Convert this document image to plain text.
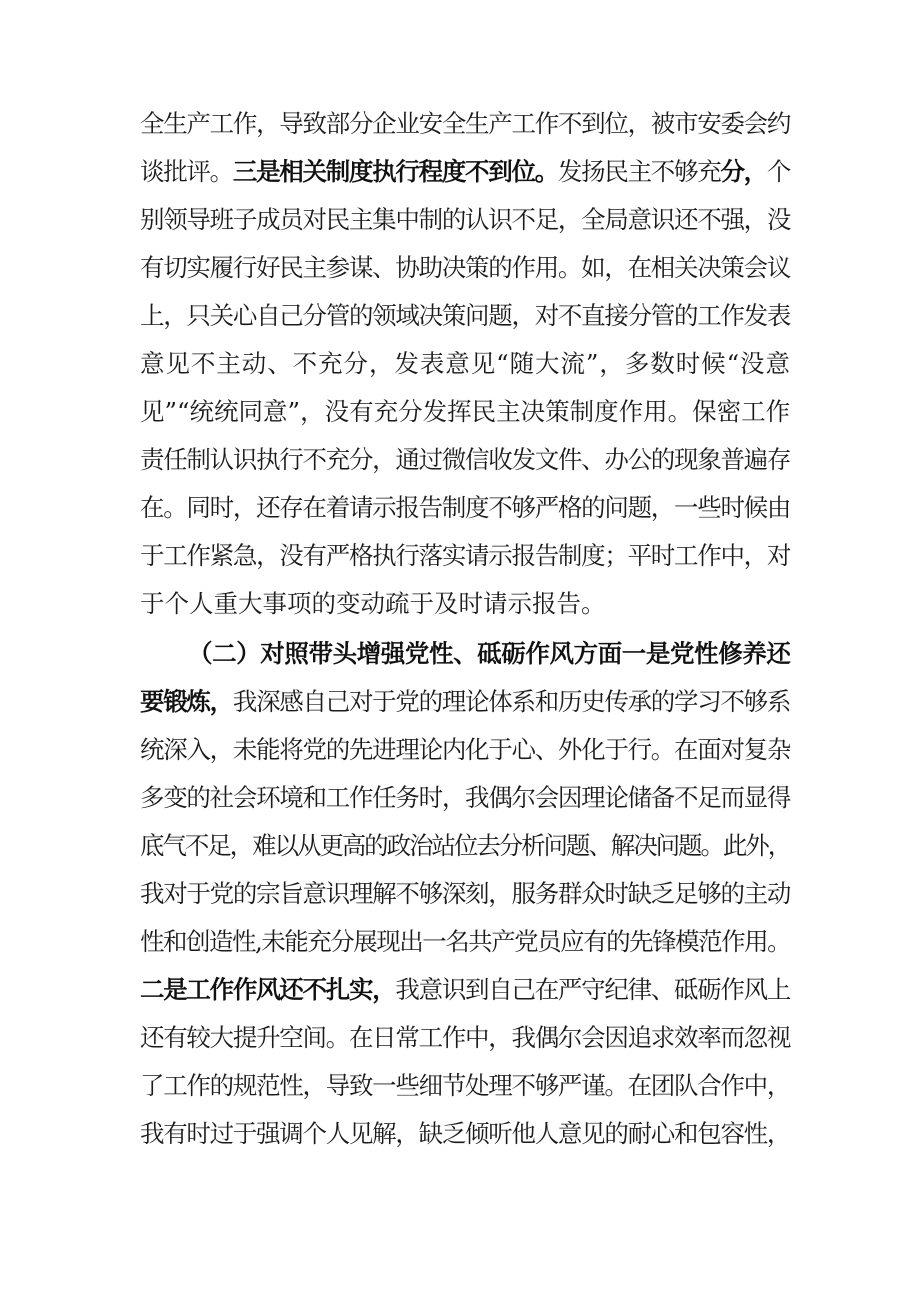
全生产工作，导致部分企业安全生产工作不到位，被市安委会约
谈批评。三是相关制度执行程度不到位。发扬民主不够充分，个
别领导班子成员对民主集中制的认识不足，全局意识还不强，没
有切实履行好民主参谋、协助决策的作用。如，在相关决策会议
上，只关心自己分管的领域决策问题，对不直接分管的工作发表
意见不主动、不充分，发表意见“随大流”，多数时候“没意
见”“统统同意”，没有充分发挥民主决策制度作用。保密工作
责任制认识执行不充分，通过微信收发文件、办公的现象普遍存
在。同时，还存在着请示报告制度不够严格的问题，一些时候由
于工作紧急，没有严格执行落实请示报告制度；平时工作中，对
于个人重大事项的变动疏于及时请示报告。
（二）对照带头增强党性、砥砺作风方面一是党性修养还
要锻炼，我深感自己对于党的理论体系和历史传承的学习不够系
统深入，未能将党的先进理论内化于心、外化于行。在面对复杂
多变的社会环境和工作任务时，我偶尔会因理论储备不足而显得
底气不足，难以从更高的政治站位去分析问题、解决问题。此外，
我对于党的宗旨意识理解不够深刻，服务群众时缺乏足够的主动
性和创造性,未能充分展现出一名共产党员应有的先锋模范作用。
二是工作作风还不扎实，我意识到自己在严守纪律、砥砺作风上
还有较大提升空间。在日常工作中，我偶尔会因追求效率而忽视
了工作的规范性，导致一些细节处理不够严谨。在团队合作中，
我有时过于强调个人见解，缺乏倾听他人意见的耐心和包容性，
